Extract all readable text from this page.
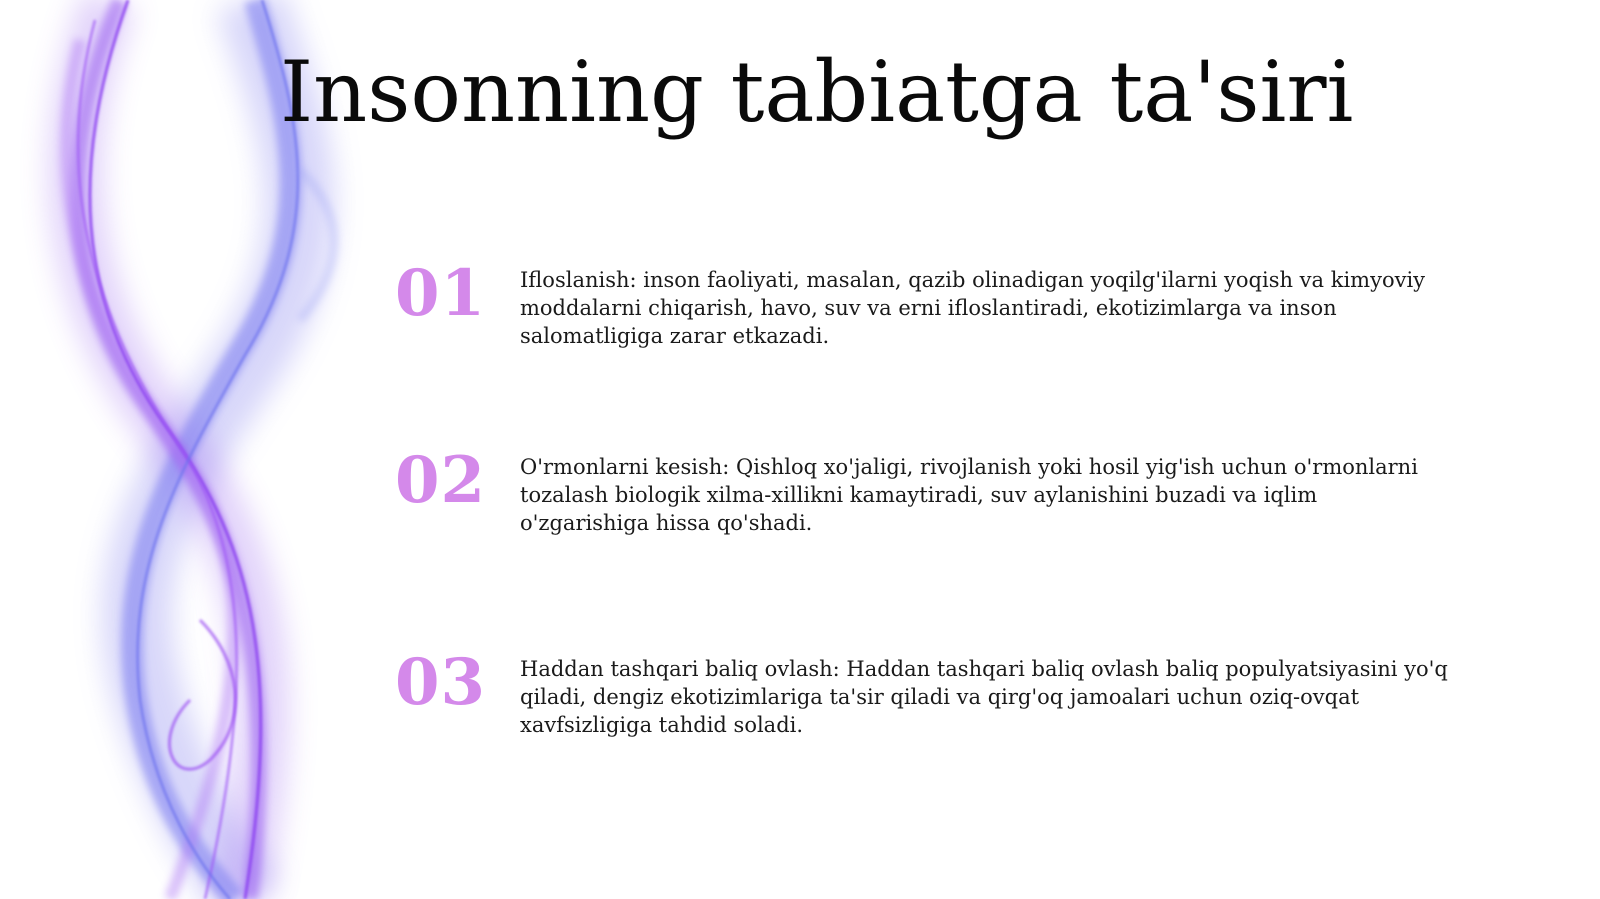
Insonning tabiatga ta'siri
01 Ifloslanish: inson faoliyati, masalan, qazib olinadigan yoqilg'ilarni yoqish va kimyoviy moddalarni chiqarish, havo, suv va erni ifloslantiradi, ekotizimlarga va inson salomatligiga zarar etkazadi.

02 O'rmonlarni kesish: Qishloq xo'jaligi, rivojlanish yoki hosil yig'ish uchun o'rmonlarni tozalash biologik xilma-xillikni kamaytiradi, suv aylanishini buzadi va iqlim o'zgarishiga hissa qo'shadi.

03 Haddan tashqari baliq ovlash: Haddan tashqari baliq ovlash baliq populyatsiyasini yo'q qiladi, dengiz ekotizimlariga ta'sir qiladi va qirg'oq jamoalari uchun oziq-ovqat xavfsizligiga tahdid soladi.
